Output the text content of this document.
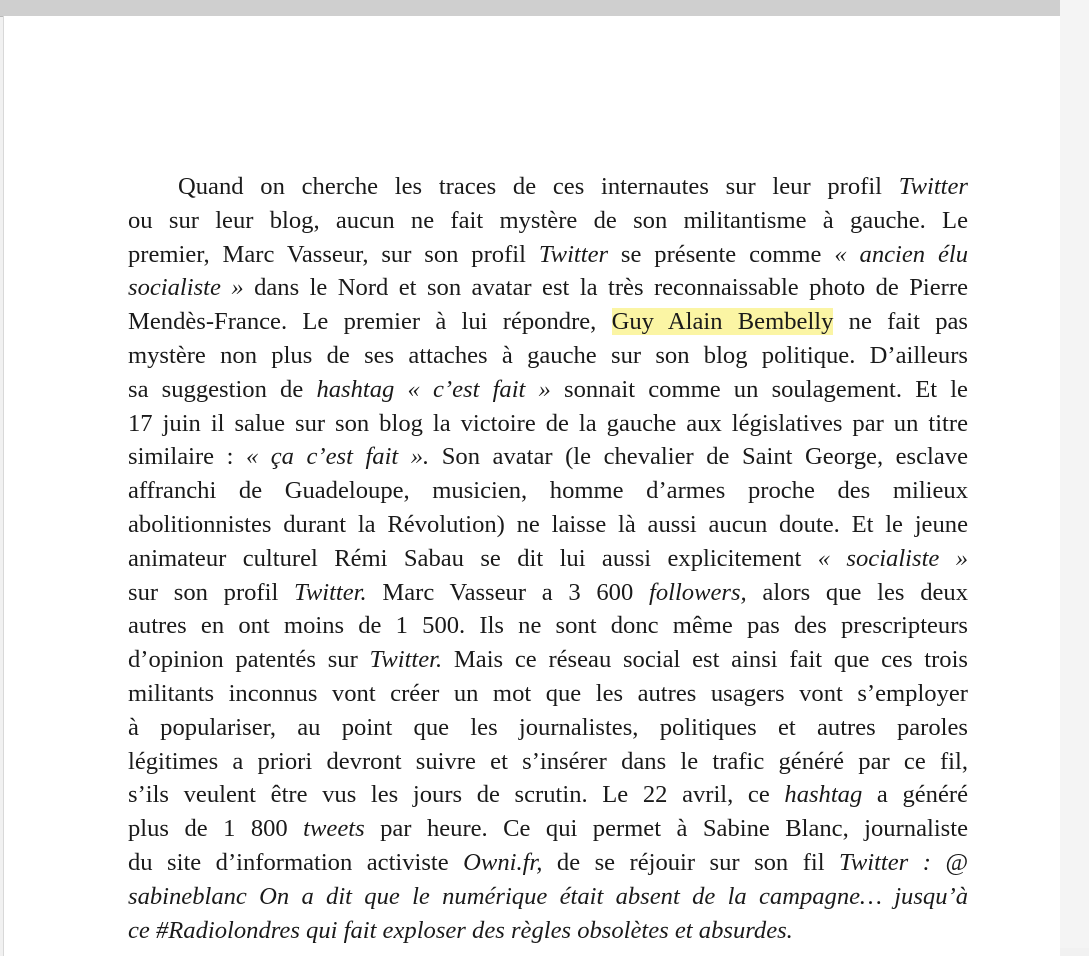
Quand on cherche les traces de ces internautes sur leur profil Twitter
ou sur leur blog, aucun ne fait mystère de son militantisme à gauche. Le
premier, Marc Vasseur, sur son profil Twitter se présente comme « ancien élu
socialiste » dans le Nord et son avatar est la très reconnaissable photo de Pierre
Mendès-France. Le premier à lui répondre, Guy Alain Bembelly ne fait pas
mystère non plus de ses attaches à gauche sur son blog politique. D’ailleurs
sa suggestion de hashtag « c’est fait » sonnait comme un soulagement. Et le
17 juin il salue sur son blog la victoire de la gauche aux législatives par un titre
similaire : « ça c’est fait ». Son avatar (le chevalier de Saint George, esclave
affranchi de Guadeloupe, musicien, homme d’armes proche des milieux
abolitionnistes durant la Révolution) ne laisse là aussi aucun doute. Et le jeune
animateur culturel Rémi Sabau se dit lui aussi explicitement « socialiste »
sur son profil Twitter. Marc Vasseur a 3 600 followers, alors que les deux
autres en ont moins de 1 500. Ils ne sont donc même pas des prescripteurs
d’opinion patentés sur Twitter. Mais ce réseau social est ainsi fait que ces trois
militants inconnus vont créer un mot que les autres usagers vont s’employer
à populariser, au point que les journalistes, politiques et autres paroles
légitimes a priori devront suivre et s’insérer dans le trafic généré par ce fil,
s’ils veulent être vus les jours de scrutin. Le 22 avril, ce hashtag a généré
plus de 1 800 tweets par heure. Ce qui permet à Sabine Blanc, journaliste
du site d’information activiste Owni.fr, de se réjouir sur son fil Twitter : @
sabineblanc On a dit que le numérique était absent de la campagne… jusqu’à
ce #Radiolondres qui fait exploser des règles obsolètes et absurdes.
